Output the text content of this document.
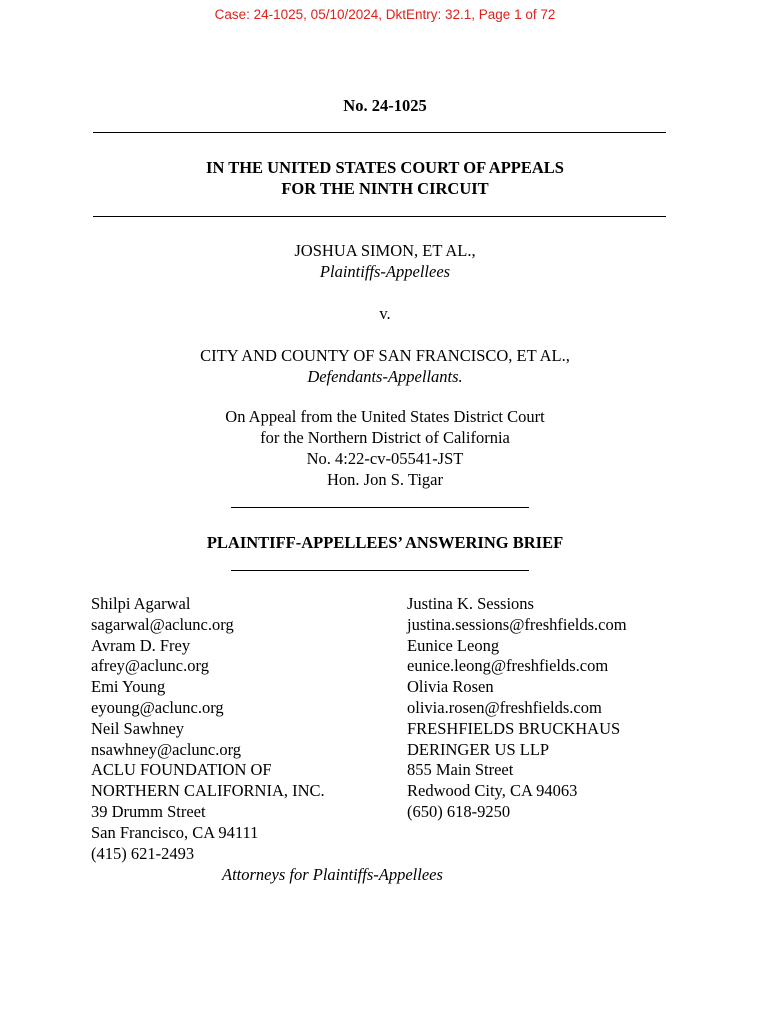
Case: 24-1025, 05/10/2024, DktEntry: 32.1, Page 1 of 72
No. 24-1025
IN THE UNITED STATES COURT OF APPEALS
FOR THE NINTH CIRCUIT
JOSHUA SIMON, ET AL.,
Plaintiffs-Appellees
v.
CITY AND COUNTY OF SAN FRANCISCO, ET AL.,
Defendants-Appellants.
On Appeal from the United States District Court
for the Northern District of California
No. 4:22-cv-05541-JST
Hon. Jon S. Tigar
PLAINTIFF-APPELLEES’ ANSWERING BRIEF
Shilpi Agarwal
sagarwal@aclunc.org
Avram D. Frey
afrey@aclunc.org
Emi Young
eyoung@aclunc.org
Neil Sawhney
nsawhney@aclunc.org
ACLU FOUNDATION OF
NORTHERN CALIFORNIA, INC.
39 Drumm Street
San Francisco, CA 94111
(415) 621-2493
Justina K. Sessions
justina.sessions@freshfields.com
Eunice Leong
eunice.leong@freshfields.com
Olivia Rosen
olivia.rosen@freshfields.com
FRESHFIELDS BRUCKHAUS
DERINGER US LLP
855 Main Street
Redwood City, CA 94063
(650) 618-9250
Attorneys for Plaintiffs-Appellees
